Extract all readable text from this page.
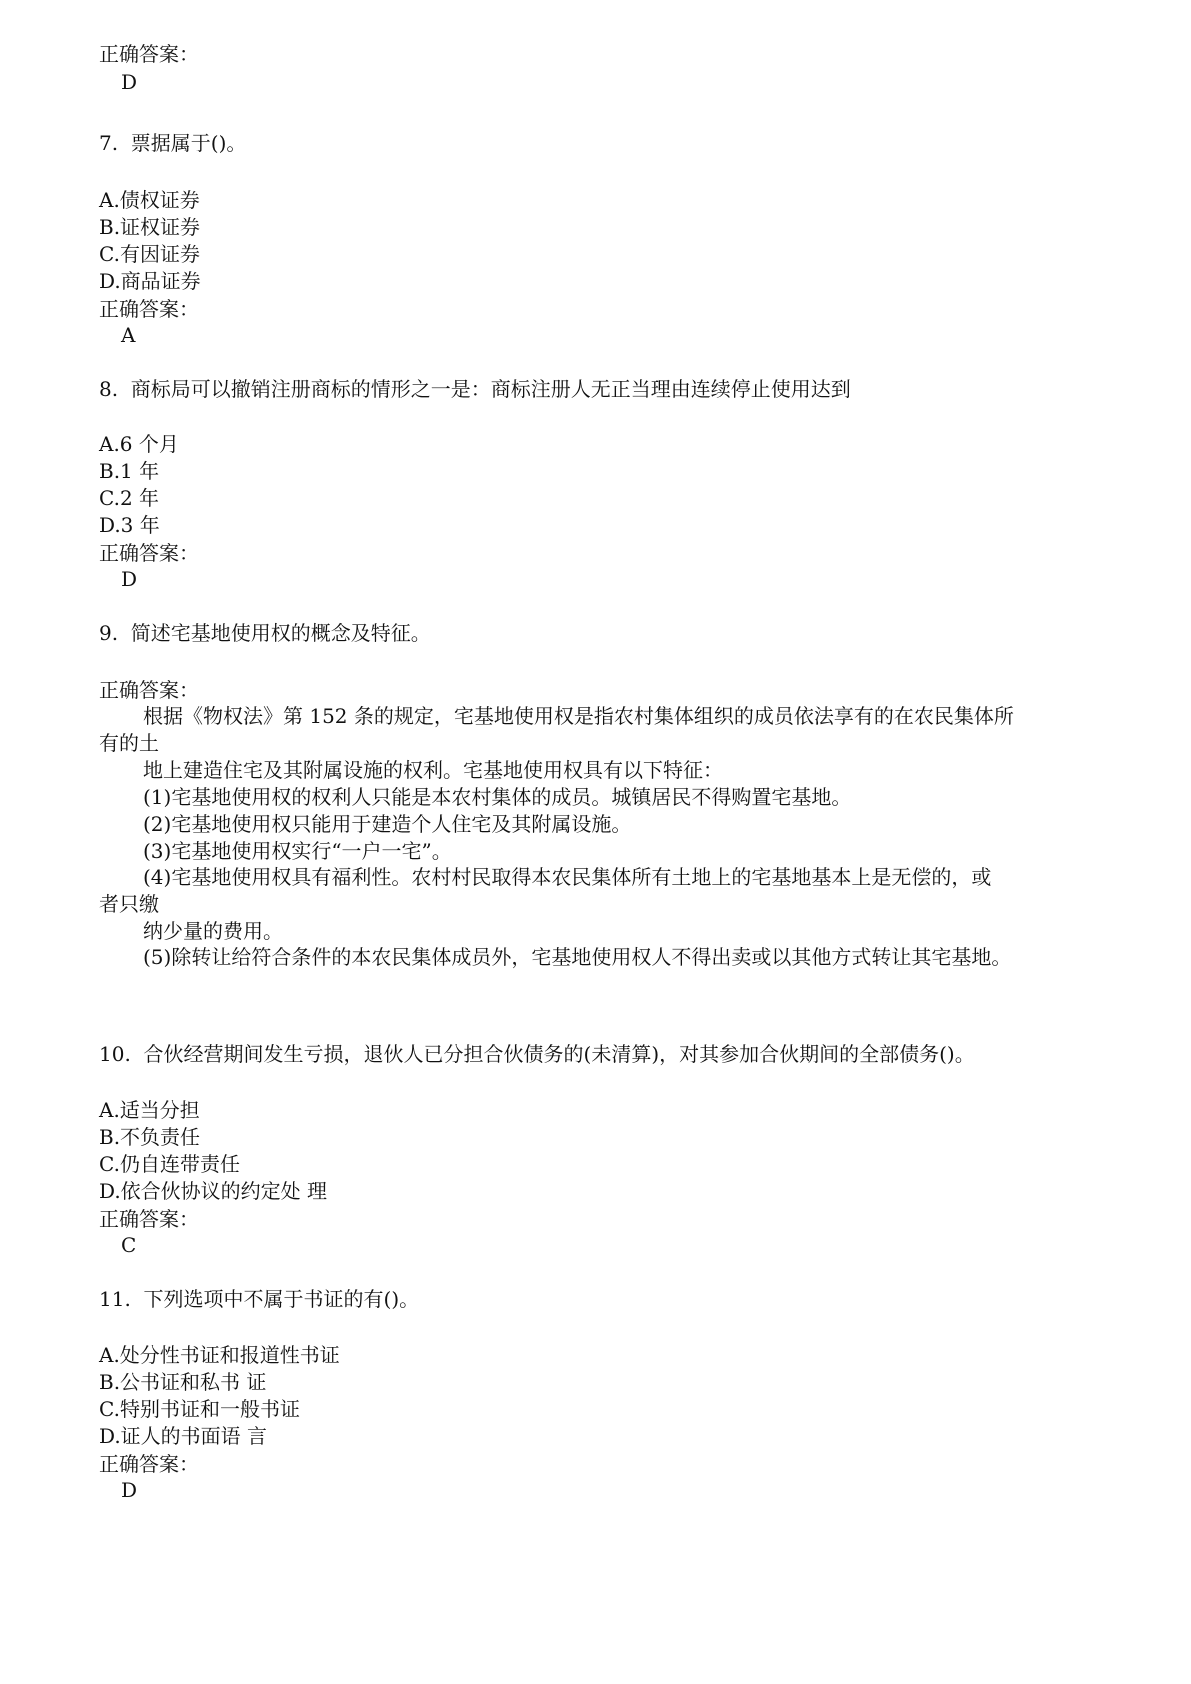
正确答案：
D
7.  票据属于()。
A.债权证券
B.证权证券
C.有因证券
D.商品证券
正确答案：
A
8.  商标局可以撤销注册商标的情形之一是：商标注册人无正当理由连续停止使用达到
A.6 个月
B.1 年
C.2 年
D.3 年
正确答案：
D
9.  简述宅基地使用权的概念及特征。
正确答案：
根据《物权法》第 152 条的规定，宅基地使用权是指农村集体组织的成员依法享有的在农民集体所
有的土
地上建造住宅及其附属设施的权利。宅基地使用权具有以下特征：
(1)宅基地使用权的权利人只能是本农村集体的成员。城镇居民不得购置宅基地。
(2)宅基地使用权只能用于建造个人住宅及其附属设施。
(3)宅基地使用权实行“一户一宅”。
(4)宅基地使用权具有福利性。农村村民取得本农民集体所有土地上的宅基地基本上是无偿的，或
者只缴
纳少量的费用。
(5)除转让给符合条件的本农民集体成员外，宅基地使用权人不得出卖或以其他方式转让其宅基地。
10.  合伙经营期间发生亏损，退伙人已分担合伙债务的(未清算)，对其参加合伙期间的全部债务()。
A.适当分担
B.不负责任
C.仍自连带责任
D.依合伙协议的约定处 理
正确答案：
C
11.  下列选项中不属于书证的有()。
A.处分性书证和报道性书证
B.公书证和私书 证
C.特别书证和一般书证
D.证人的书面语 言
正确答案：
D
